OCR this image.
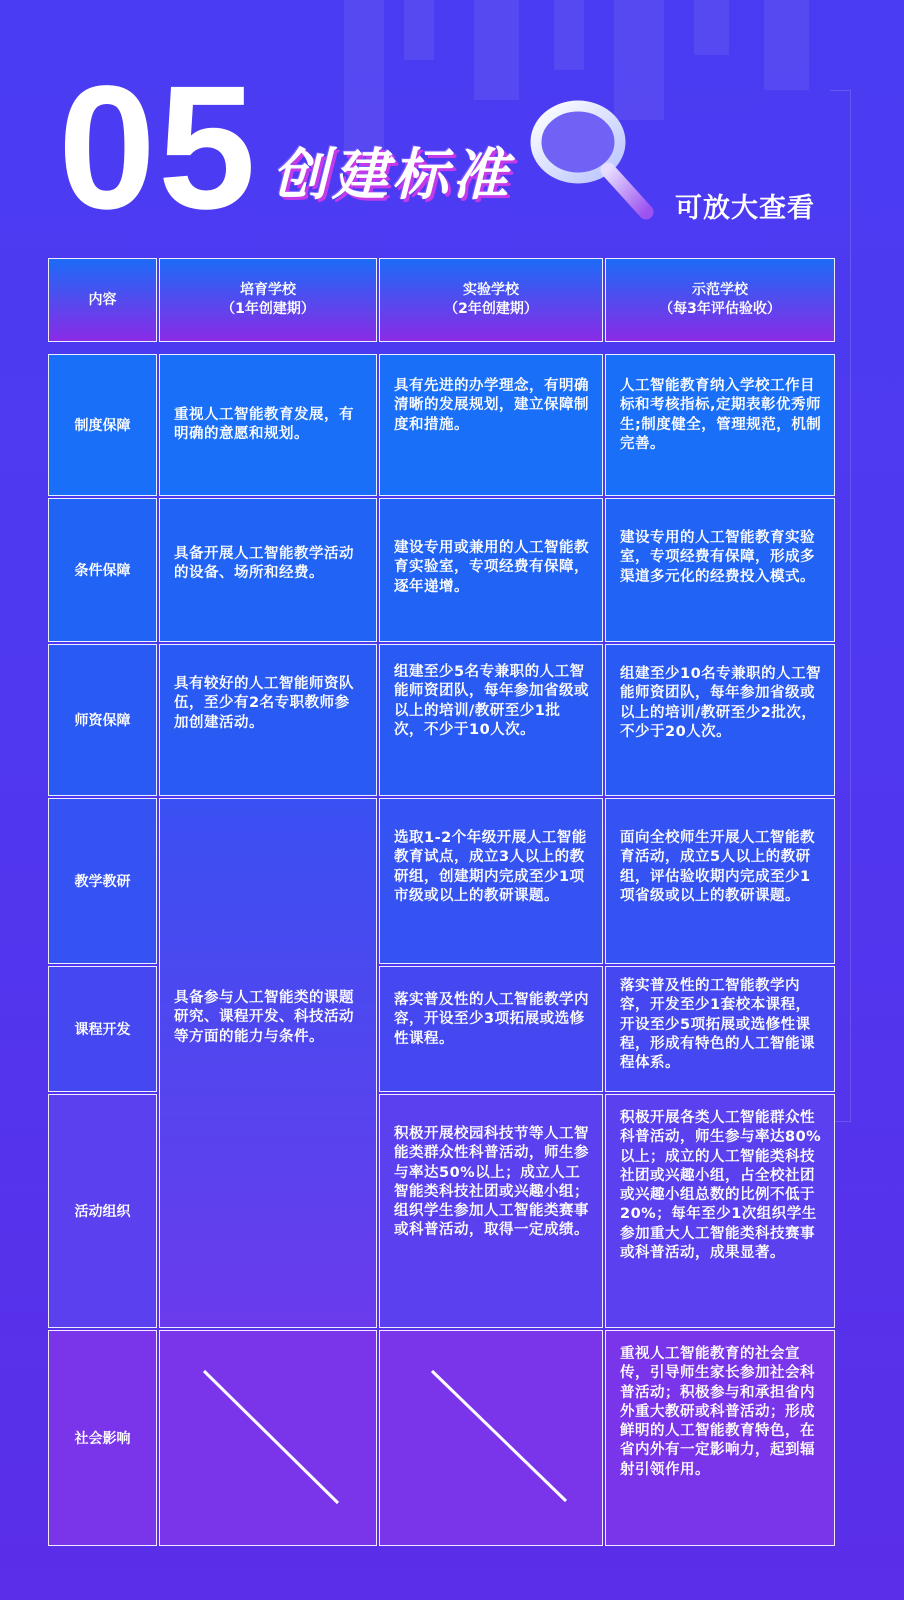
05 创建标准
可放大查看
内容
培育学校
（1年创建期）
实验学校
（2年创建期）
示范学校
（每3年评估验收）
制度保障
重视人工智能教育发展，有明确的意愿和规划。
具有先进的办学理念，有明确清晰的发展规划，建立保障制度和措施。
人工智能教育纳入学校工作目标和考核指标,定期表彰优秀师生;制度健全，管理规范，机制完善。
条件保障
具备开展人工智能教学活动的设备、场所和经费。
建设专用或兼用的人工智能教育实验室，专项经费有保障，逐年递增。
建设专用的人工智能教育实验室，专项经费有保障，形成多渠道多元化的经费投入模式。
师资保障
具有较好的人工智能师资队伍，至少有2名专职教师参加创建活动。
组建至少5名专兼职的人工智能师资团队，每年参加省级或以上的培训/教研至少1批次，不少于10人次。
组建至少10名专兼职的人工智能师资团队，每年参加省级或以上的培训/教研至少2批次，不少于20人次。
具备参与人工智能类的课题研究、课程开发、科技活动等方面的能力与条件。
教学教研
选取1-2个年级开展人工智能教育试点，成立3人以上的教研组，创建期内完成至少1项市级或以上的教研课题。
面向全校师生开展人工智能教育活动，成立5人以上的教研组，评估验收期内完成至少1项省级或以上的教研课题。
课程开发
落实普及性的人工智能教学内容，开设至少3项拓展或选修性课程。
落实普及性的工智能教学内容，开发至少1套校本课程，开设至少5项拓展或选修性课程，形成有特色的人工智能课程体系。
活动组织
积极开展校园科技节等人工智能类群众性科普活动，师生参与率达50%以上；成立人工智能类科技社团或兴趣小组；组织学生参加人工智能类赛事或科普活动，取得一定成绩。
积极开展各类人工智能群众性科普活动，师生参与率达80%以上；成立的人工智能类科技社团或兴趣小组，占全校社团或兴趣小组总数的比例不低于20%；每年至少1次组织学生参加重大人工智能类科技赛事或科普活动，成果显著。
社会影响
重视人工智能教育的社会宣传，引导师生家长参加社会科普活动；积极参与和承担省内外重大教研或科普活动；形成鲜明的人工智能教育特色，在省内外有一定影响力，起到辐射引领作用。
